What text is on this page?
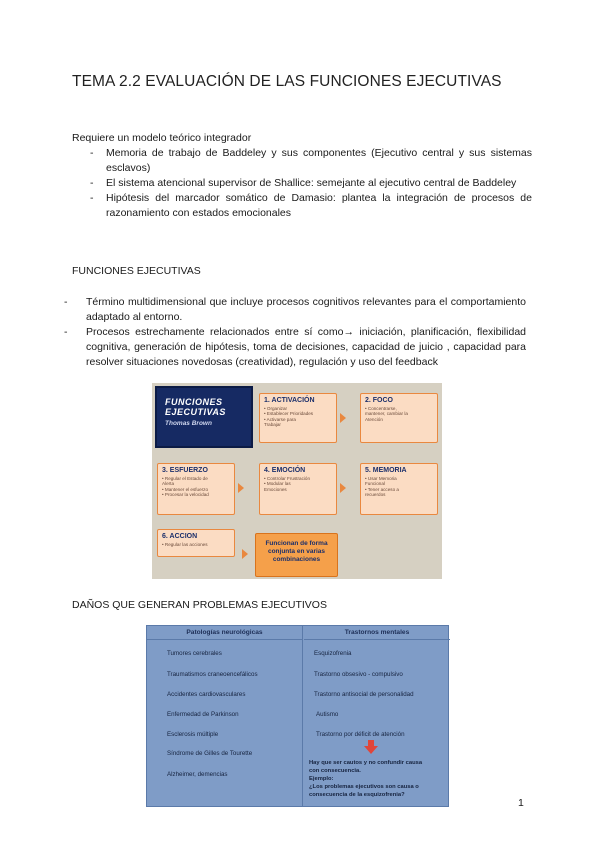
TEMA 2.2 EVALUACIÓN DE LAS FUNCIONES EJECUTIVAS
Requiere un modelo teórico integrador
- Memoria de trabajo de Baddeley y sus componentes (Ejecutivo central y sus sistemas esclavos)
- El sistema atencional supervisor de Shallice: semejante al ejecutivo central de Baddeley
- Hipótesis del marcador somático de Damasio: plantea la integración de procesos de razonamiento con estados emocionales
FUNCIONES EJECUTIVAS
- Término multidimensional que incluye procesos cognitivos relevantes para el comportamiento adaptado al entorno.
- Procesos estrechamente relacionados entre sí como→ iniciación, planificación, flexibilidad cognitiva, generación de hipótesis, toma de decisiones, capacidad de juicio , capacidad para resolver situaciones novedosas (creatividad), regulación y uso del feedback
FUNCIONES EJECUTIVAS
Thomas Brown
1. ACTIVACIÓN
• Organizar
• Establecer Prioridades
• Activarse para
Trabajar
2. FOCO
• Concentrarse,
mantener, cambiar la
Atención
3. ESFUERZO
• Regular el Estado de
Alerta
• Mantener el esfuerzo
• Procesar la velocidad
4. EMOCIÓN
• Controlar Frustración
• Modular las
Emociones
5. MEMORIA
• Usar Memoria
Funcional
• Tener acceso a
recuerdos
6. ACCION
• Regular las acciones	Funcionan de forma
conjunta en varias
combinaciones
DAÑOS QUE GENERAN PROBLEMAS EJECUTIVOS
Patologías neurológicas
Tumores cerebrales
Traumatismos craneoencefálicos
Accidentes cardiovasculares
Enfermedad de Parkinson
Esclerosis múltiple
Síndrome de Gilles de Tourette
Alzheimer, demencias
Trastornos mentales
Esquizofrenia
Trastorno obsesivo - compulsivo
Trastorno antisocial de personalidad
Autismo
Trastorno por déficit de atención
Hay que ser cautos y no confundir causa
con consecuencia.
Ejemplo:
¿Los problemas ejecutivos son causa o
consecuencia de la esquizofrenia?
1
